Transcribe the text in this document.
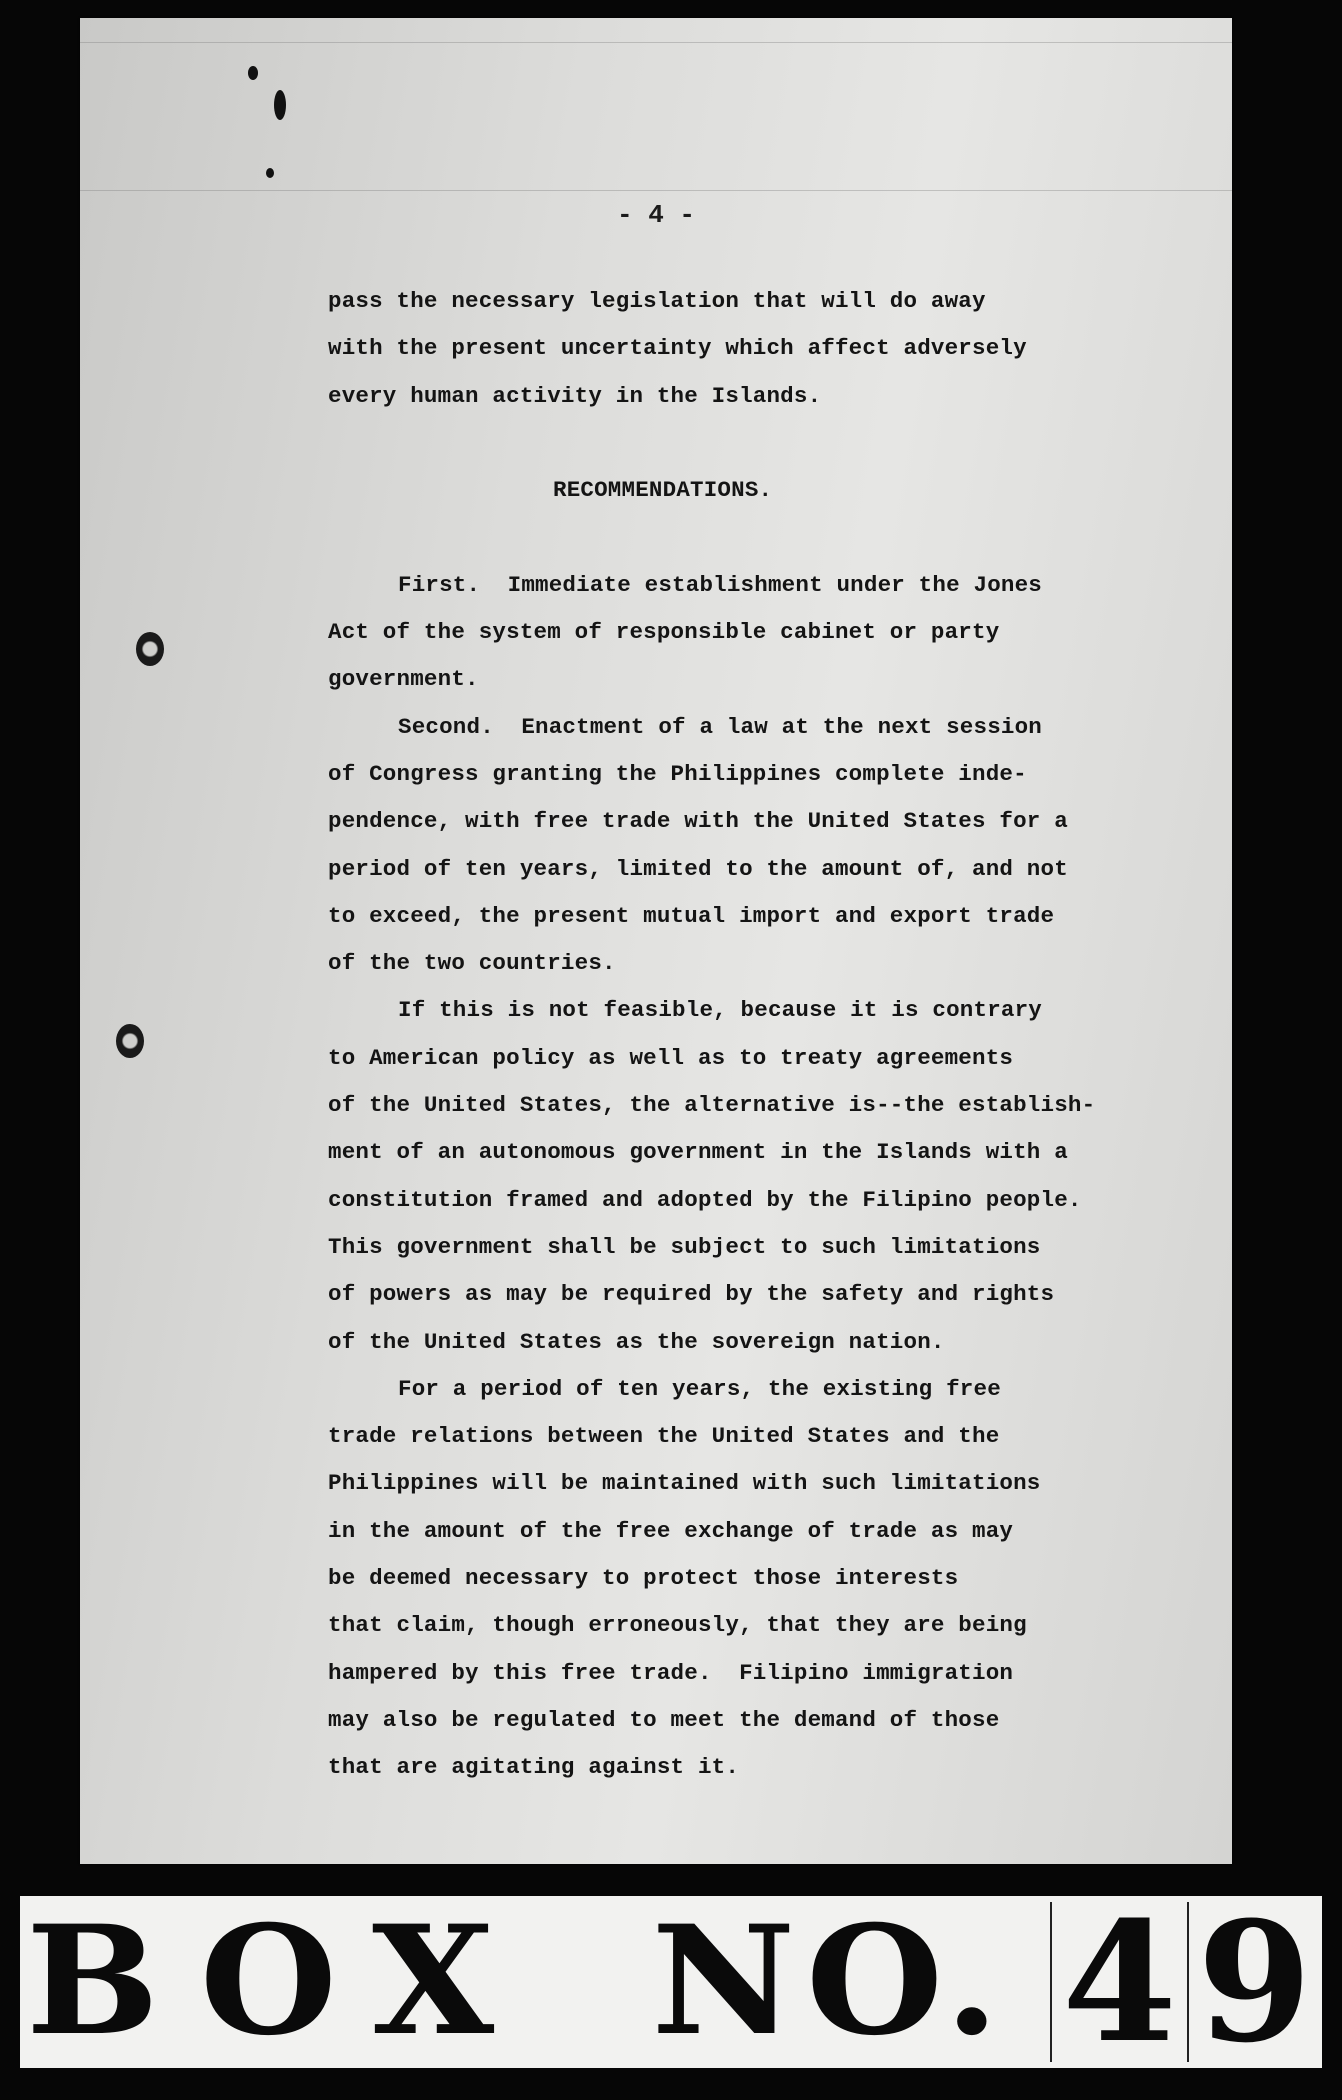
- 4 -
pass the necessary legislation that will do away
with the present uncertainty which affect adversely
every human activity in the Islands.
RECOMMENDATIONS.
First.  Immediate establishment under the Jones
Act of the system of responsible cabinet or party
government.
Second.  Enactment of a law at the next session
of Congress granting the Philippines complete inde-
pendence, with free trade with the United States for a
period of ten years, limited to the amount of, and not
to exceed, the present mutual import and export trade
of the two countries.
If this is not feasible, because it is contrary
to American policy as well as to treaty agreements
of the United States, the alternative is--the establish-
ment of an autonomous government in the Islands with a
constitution framed and adopted by the Filipino people.
This government shall be subject to such limitations
of powers as may be required by the safety and rights
of the United States as the sovereign nation.
For a period of ten years, the existing free
trade relations between the United States and the
Philippines will be maintained with such limitations
in the amount of the free exchange of trade as may
be deemed necessary to protect those interests
that claim, though erroneously, that they are being
hampered by this free trade.  Filipino immigration
may also be regulated to meet the demand of those
that are agitating against it.
BOX NO. 4 9
